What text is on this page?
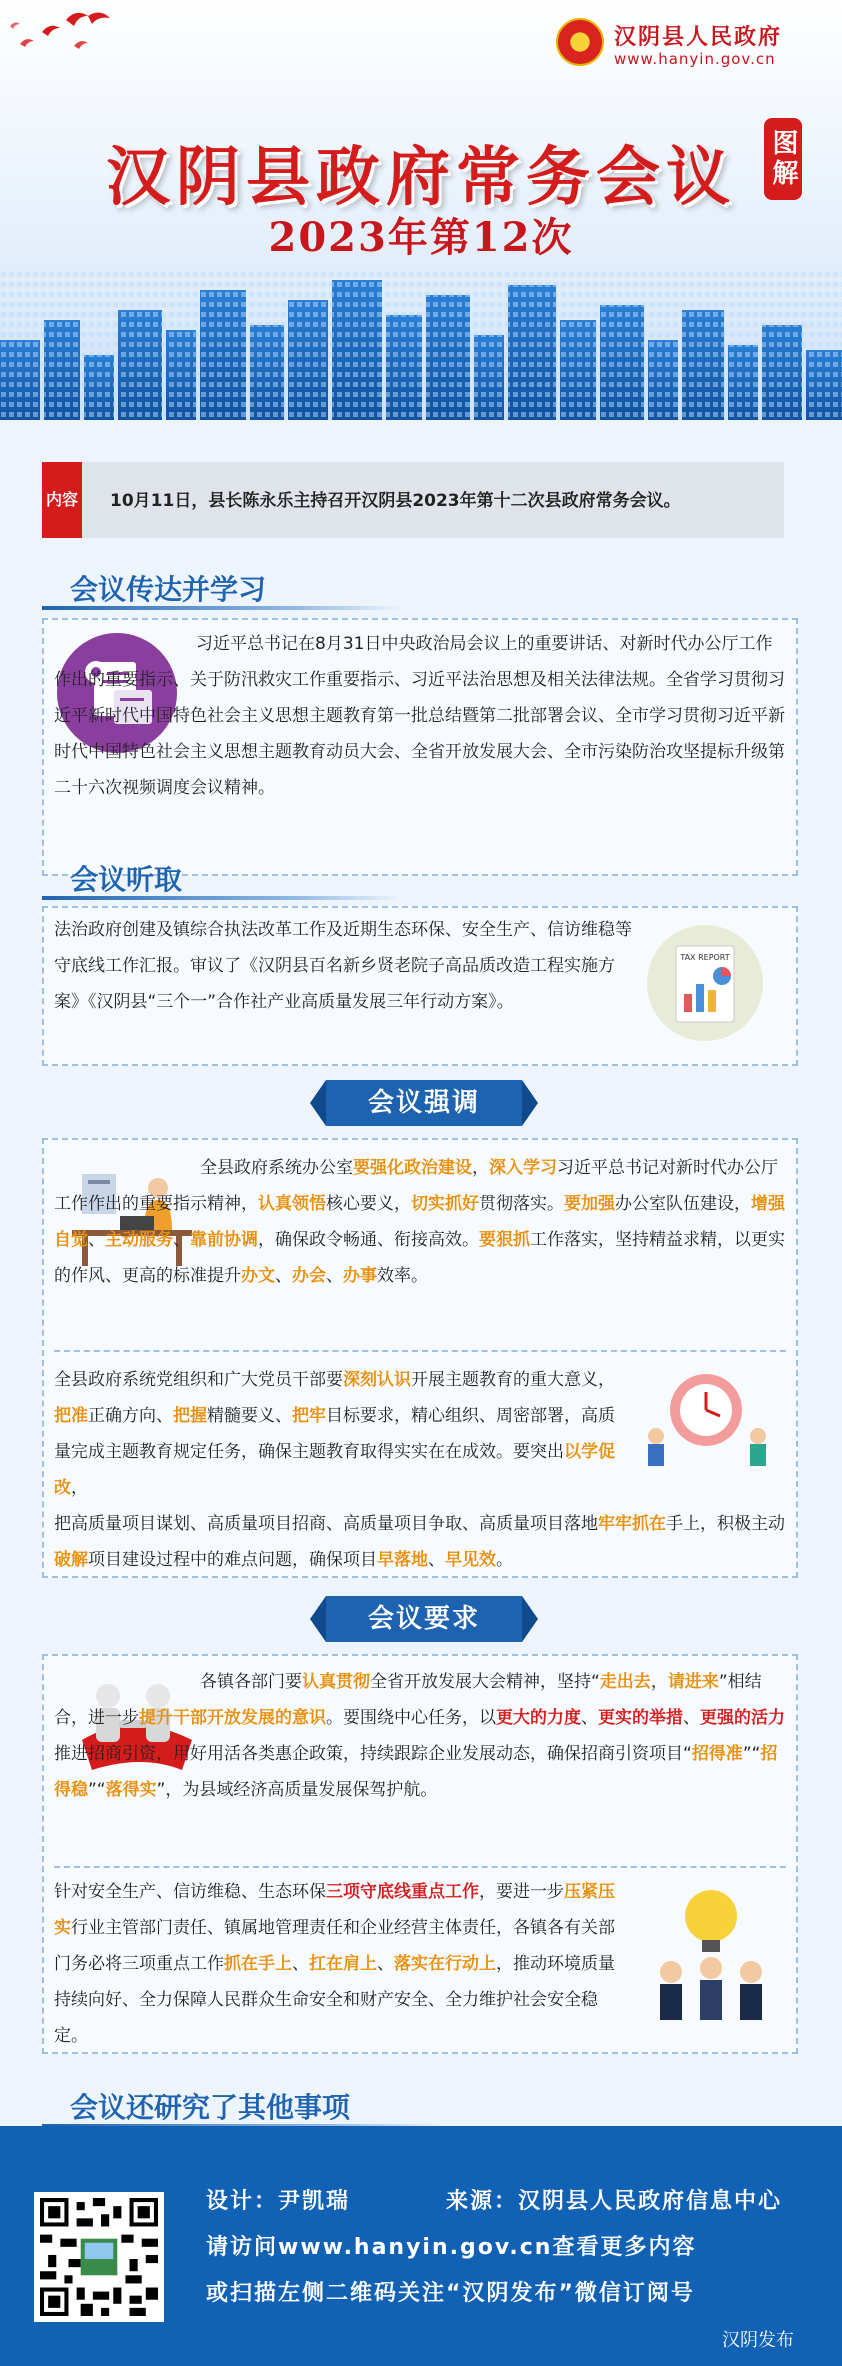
汉阴县人民政府
www.hanyin.gov.cn
汉阴县政府常务会议
2023年第12次
图解
内容 10月11日，县长陈永乐主持召开汉阴县2023年第十二次县政府常务会议。
会议传达并学习
习近平总书记在8月31日中央政治局会议上的重要讲话、对新时代办公厅工作作出的重要指示、关于防汛救灾工作重要指示、习近平法治思想及相关法律法规。全省学习贯彻习近平新时代中国特色社会主义思想主题教育第一批总结暨第二批部署会议、全市学习贯彻习近平新时代中国特色社会主义思想主题教育动员大会、全省开放发展大会、全市污染防治攻坚提标升级第二十六次视频调度会议精神。
会议听取
法治政府创建及镇综合执法改革工作及近期生态环保、安全生产、信访维稳等守底线工作汇报。审议了《汉阴县百名新乡贤老院子高品质改造工程实施方案》《汉阴县“三个一”合作社产业高质量发展三年行动方案》。
TAX REPORT
会议强调
全县政府系统办公室要强化政治建设，深入学习习近平总书记对新时代办公厅工作作出的重要指示精神，认真领悟核心要义，切实抓好贯彻落实。要加强办公室队伍建设，增强自觉、主动服务、靠前协调，确保政令畅通、衔接高效。要狠抓工作落实，坚持精益求精，以更实的作风、更高的标准提升办文、办会、办事效率。
全县政府系统党组织和广大党员干部要深刻认识开展主题教育的重大意义，把准正确方向、把握精髓要义、把牢目标要求，精心组织、周密部署，高质量完成主题教育规定任务，确保主题教育取得实实在在成效。要突出以学促改，
把高质量项目谋划、高质量项目招商、高质量项目争取、高质量项目落地牢牢抓在手上，积极主动破解项目建设过程中的难点问题，确保项目早落地、早见效。
会议要求
各镇各部门要认真贯彻全省开放发展大会精神，坚持“走出去，请进来”相结合，进一步提升干部开放发展的意识。要围绕中心任务，以更大的力度、更实的举措、更强的活力推进招商引资，用好用活各类惠企政策，持续跟踪企业发展动态，确保招商引资项目“招得准”“招得稳”“落得实”，为县域经济高质量发展保驾护航。
针对安全生产、信访维稳、生态环保三项守底线重点工作，要进一步压紧压实行业主管部门责任、镇属地管理责任和企业经营主体责任，各镇各有关部门务必将三项重点工作抓在手上、扛在肩上、落实在行动上，推动环境质量持续向好、全力保障人民群众生命安全和财产安全、全力维护社会安全稳定。
会议还研究了其他事项
设计：尹凯瑞	来源：汉阴县人民政府信息中心
请访问www.hanyin.gov.cn查看更多内容
或扫描左侧二维码关注“汉阴发布”微信订阅号
汉阴发布
